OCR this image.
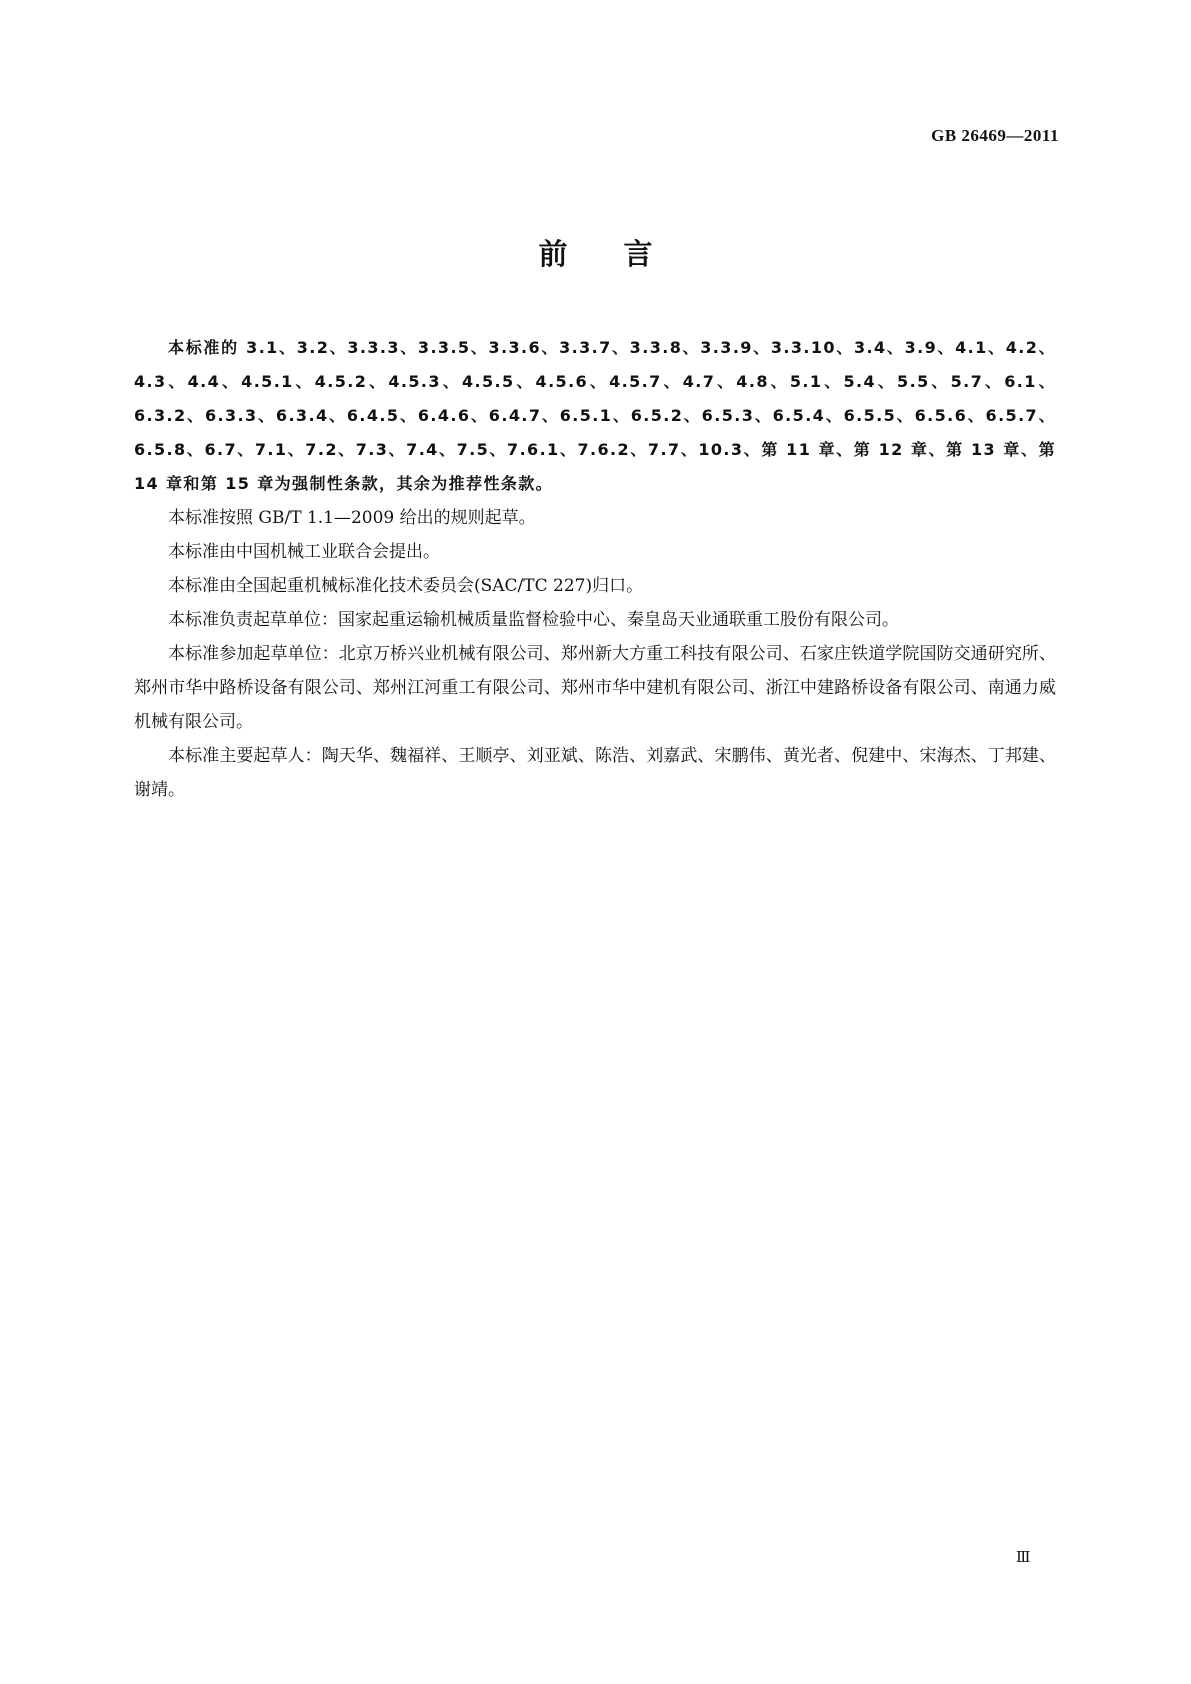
GB 26469—2011
前言

本标准的 3.1、3.2、3.3.3、3.3.5、3.3.6、3.3.7、3.3.8、3.3.9、3.3.10、3.4、3.9、4.1、4.2、4.3、4.4、4.5.1、4.5.2、4.5.3、4.5.5、4.5.6、4.5.7、4.7、4.8、5.1、5.4、5.5、5.7、6.1、6.3.2、6.3.3、6.3.4、6.4.5、6.4.6、6.4.7、6.5.1、6.5.2、6.5.3、6.5.4、6.5.5、6.5.6、6.5.7、6.5.8、6.7、7.1、7.2、7.3、7.4、7.5、7.6.1、7.6.2、7.7、10.3、第 11 章、第 12 章、第 13 章、第 14 章和第 15 章为强制性条款，其余为推荐性条款。

本标准按照 GB/T 1.1—2009 给出的规则起草。

本标准由中国机械工业联合会提出。

本标准由全国起重机械标准化技术委员会(SAC/TC 227)归口。

本标准负责起草单位：国家起重运输机械质量监督检验中心、秦皇岛天业通联重工股份有限公司。

本标准参加起草单位：北京万桥兴业机械有限公司、郑州新大方重工科技有限公司、石家庄铁道学院国防交通研究所、郑州市华中路桥设备有限公司、郑州江河重工有限公司、郑州市华中建机有限公司、浙江中建路桥设备有限公司、南通力威机械有限公司。

本标准主要起草人：陶天华、魏福祥、王顺亭、刘亚斌、陈浩、刘嘉武、宋鹏伟、黄光者、倪建中、宋海杰、丁邦建、谢靖。

Ⅲ
